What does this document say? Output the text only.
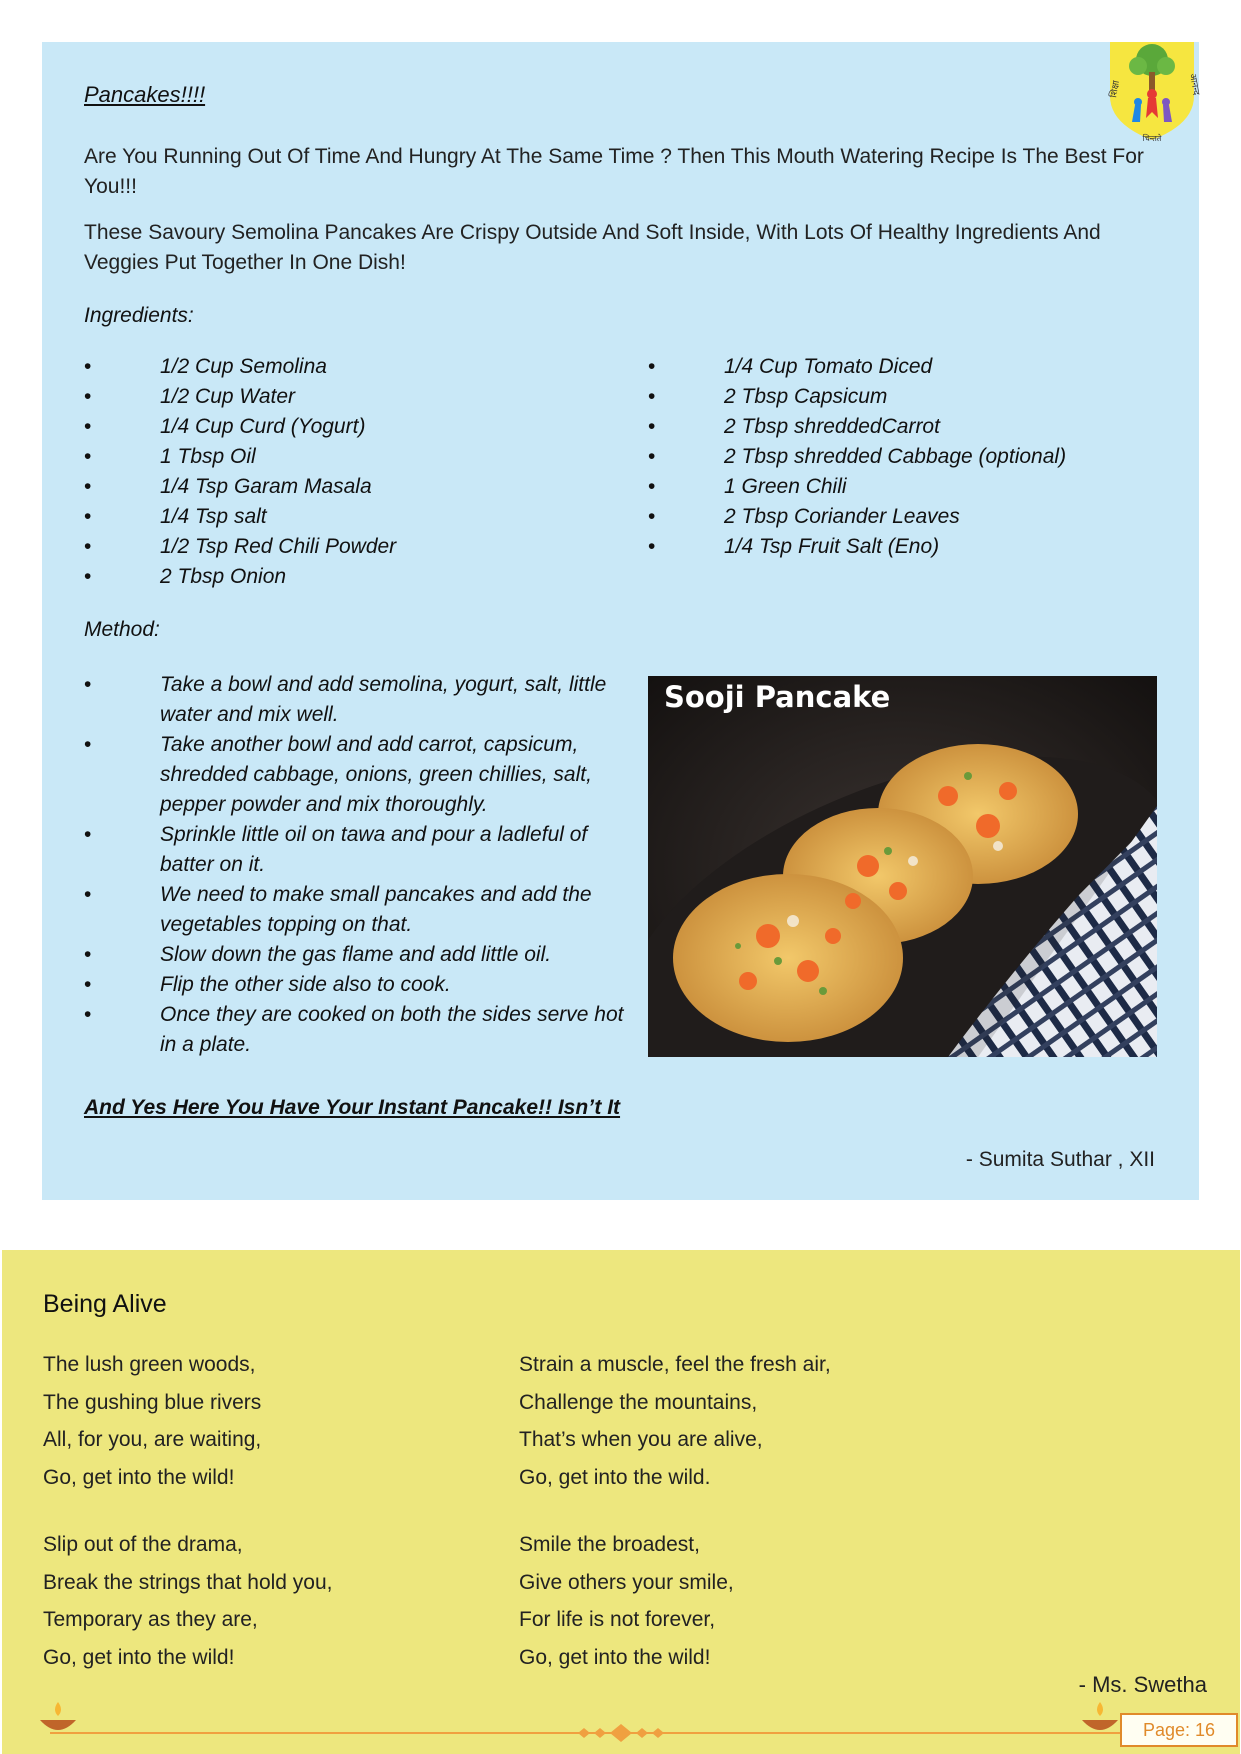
शिक्षा	आनन्द
चिन्तते
Pancakes!!!!
Are You Running Out Of Time And Hungry At The Same Time ? Then This Mouth Watering Recipe Is The Best For You!!!
These Savoury Semolina Pancakes Are Crispy Outside And Soft Inside, With Lots Of Healthy Ingredients And Veggies Put Together In One Dish!
Ingredients:
•	1/2 Cup Semolina
•	1/2 Cup Water
•	1/4 Cup Curd (Yogurt)
•	1 Tbsp Oil
•	1/4 Tsp Garam Masala
•	1/4 Tsp salt
•	1/2 Tsp Red Chili Powder
•	2 Tbsp Onion
•	1/4 Cup Tomato Diced
•	2 Tbsp Capsicum
•	2 Tbsp shreddedCarrot
•	2 Tbsp shredded Cabbage (optional)
•	1 Green Chili
•	2 Tbsp Coriander Leaves
•	1/4 Tsp Fruit Salt (Eno)
Method:
•	Take a bowl and add semolina, yogurt, salt, little water and mix well.
•	Take another bowl and add carrot, capsicum, shredded cabbage, onions, green chillies, salt, pepper powder and mix thoroughly.
•	Sprinkle little oil on tawa and pour a ladleful of batter on it.
•	We need to make small pancakes and add the vegetables topping on that.
•	Slow down the gas flame and add little oil.
•	Flip the other side also to cook.
•	Once they are cooked on both the sides serve hot in a plate.
Sooji Pancake
And Yes Here You Have Your Instant Pancake!! Isn’t It
- Sumita Suthar , XII
Being Alive
The lush green woods,
The gushing blue rivers
All, for you, are waiting,
Go, get into the wild!
Slip out of the drama,
Break the strings that hold you,
Temporary as they are,
Go, get into the wild!
Strain a muscle, feel the fresh air,
Challenge the mountains,
That’s when you are alive,
Go, get into the wild.
Smile the broadest,
Give others your smile,
For life is not forever,
Go, get into the wild!
- Ms. Swetha
Page: 16
